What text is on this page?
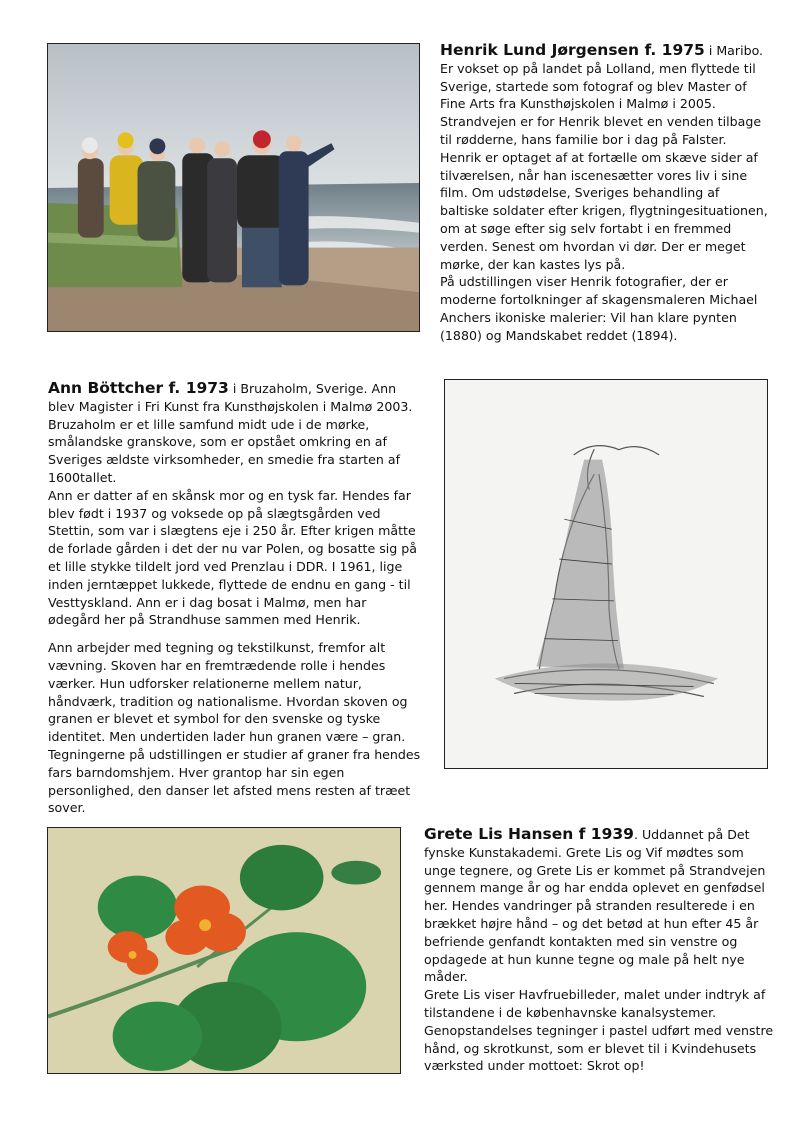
Henrik Lund Jørgensen f. 1975 i Maribo. Er vokset op på landet på Lolland, men flyttede til Sverige, startede som fotograf og blev Master of Fine Arts fra Kunsthøjskolen i Malmø i 2005. Strandvejen er for Henrik blevet en venden tilbage til rødderne, hans familie bor i dag på Falster.

Henrik er optaget af at fortælle om skæve sider af tilværelsen, når han iscenesætter vores liv i sine film. Om udstødelse, Sveriges behandling af baltiske soldater efter krigen, flygtningesituationen, om at søge efter sig selv fortabt i en fremmed verden. Senest om hvordan vi dør. Der er meget mørke, der kan kastes lys på.

På udstillingen viser Henrik fotografier, der er moderne fortolkninger af skagensmaleren Michael Anchers ikoniske malerier: Vil han klare pynten (1880) og Mandskabet reddet (1894).

Ann Böttcher f. 1973 i Bruzaholm, Sverige. Ann blev Magister i Fri Kunst fra Kunsthøjskolen i Malmø 2003. Bruzaholm er et lille samfund midt ude i de mørke, smålandske granskove, som er opstået omkring en af Sveriges ældste virksomheder, en smedie fra starten af 1600tallet.

Ann er datter af en skånsk mor og en tysk far. Hendes far blev født i 1937 og voksede op på slægtsgården ved Stettin, som var i slægtens eje i 250 år. Efter krigen måtte de forlade gården i det der nu var Polen, og bosatte sig på et lille stykke tildelt jord ved Prenzlau i DDR. I 1961, lige inden jerntæppet lukkede, flyttede de endnu en gang - til Vesttyskland. Ann er i dag bosat i Malmø, men har ødegård her på Strandhuse sammen med Henrik.

Ann arbejder med tegning og tekstilkunst, fremfor alt vævning. Skoven har en fremtrædende rolle i hendes værker. Hun udforsker relationerne mellem natur, håndværk, tradition og nationalisme. Hvordan skoven og granen er blevet et symbol for den svenske og tyske identitet. Men undertiden lader hun granen være – gran.

Tegningerne på udstillingen er studier af graner fra hendes fars barndomshjem. Hver grantop har sin egen personlighed, den danser let afsted mens resten af træet sover.

Grete Lis Hansen f 1939. Uddannet på Det fynske Kunstakademi. Grete Lis og Vif mødtes som unge tegnere, og Grete Lis er kommet på Strandvejen gennem mange år og har endda oplevet en genfødsel her. Hendes vandringer på stranden resulterede i en brækket højre hånd – og det betød at hun efter 45 år befriende genfandt kontakten med sin venstre og opdagede at hun kunne tegne og male på helt nye måder.

Grete Lis viser Havfruebilleder, malet under indtryk af tilstandene i de københavnske kanalsystemer. Genopstandelses tegninger i pastel udført med venstre hånd, og skrotkunst, som er blevet til i Kvindehusets værksted under mottoet: Skrot op!
